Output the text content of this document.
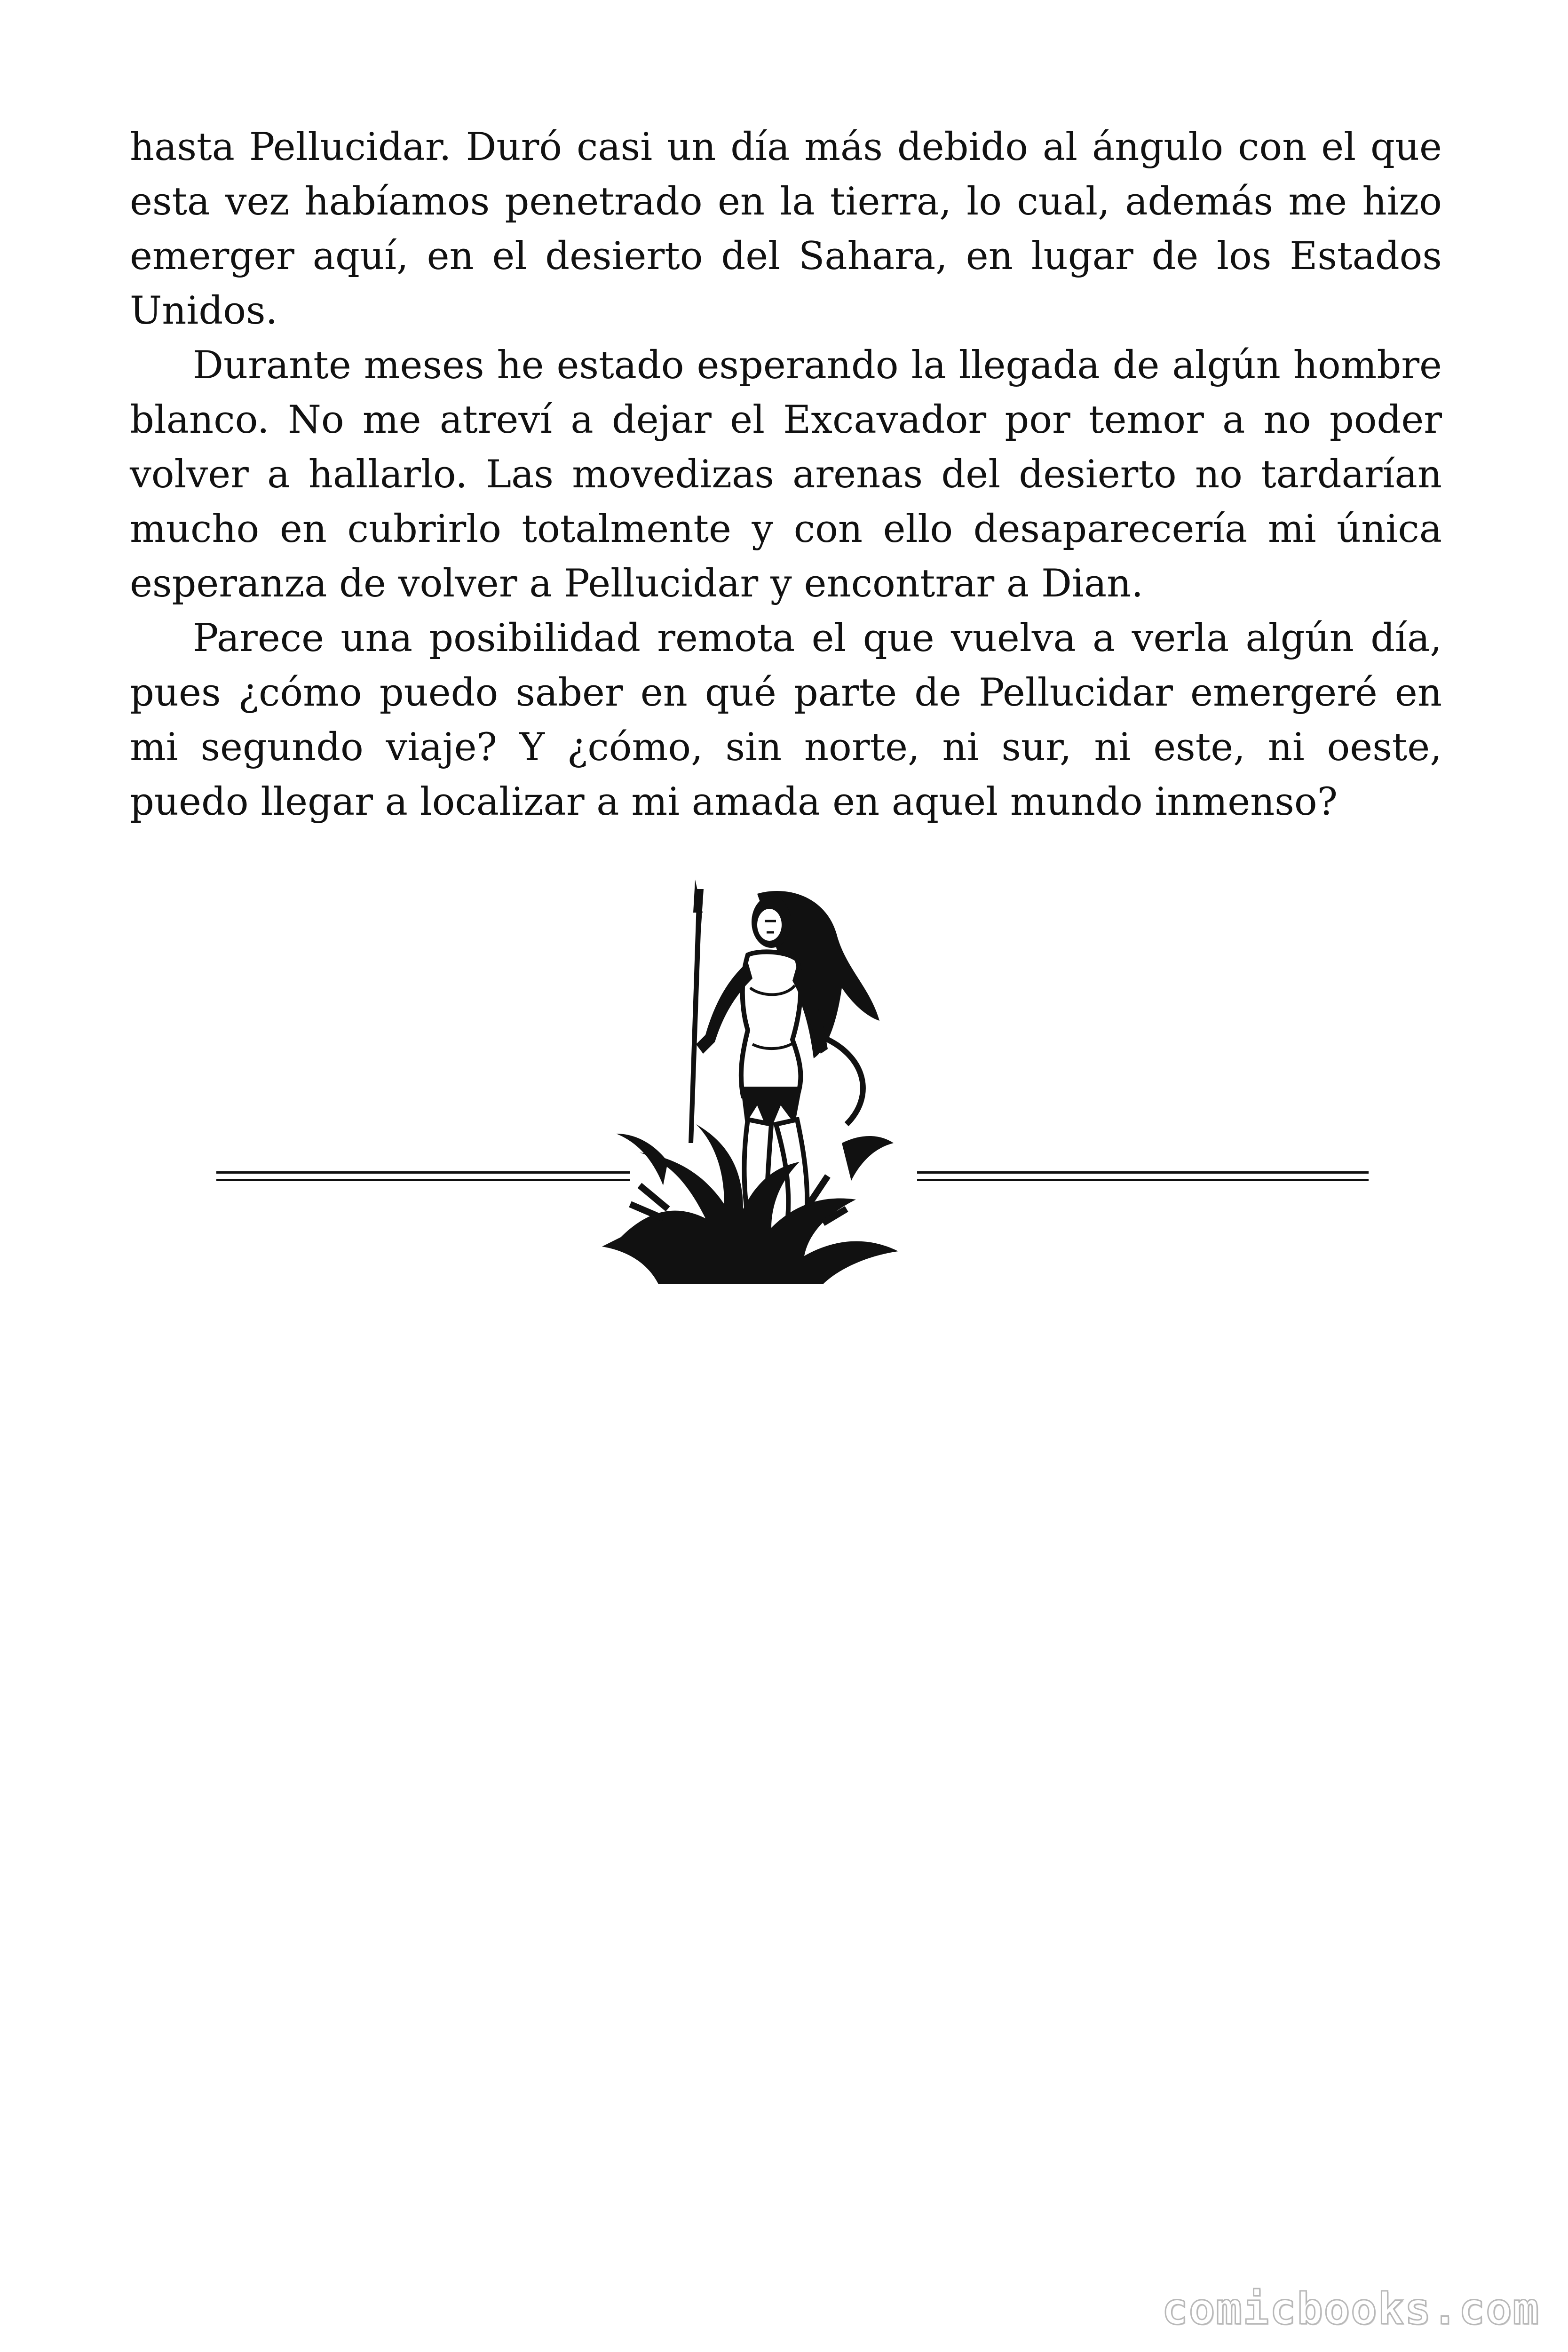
hasta Pellucidar. Duró casi un día más debido al ángulo con el que esta vez habíamos penetrado en la tierra, lo cual, además me hizo emerger aquí, en el desierto del Sahara, en lugar de los Estados Unidos.

Durante meses he estado esperando la llegada de algún hombre blanco. No me atreví a dejar el Excavador por temor a no poder volver a hallarlo. Las movedizas arenas del desierto no tardarían mucho en cubrirlo totalmente y con ello desaparecería mi única esperanza de volver a Pellucidar y encontrar a Dian.

Parece una posibilidad remota el que vuelva a verla algún día, pues ¿cómo puedo saber en qué parte de Pellucidar emergeré en mi segundo viaje? Y ¿cómo, sin norte, ni sur, ni este, ni oeste, puedo llegar a localizar a mi amada en aquel mundo inmenso?

comicbooks.com
